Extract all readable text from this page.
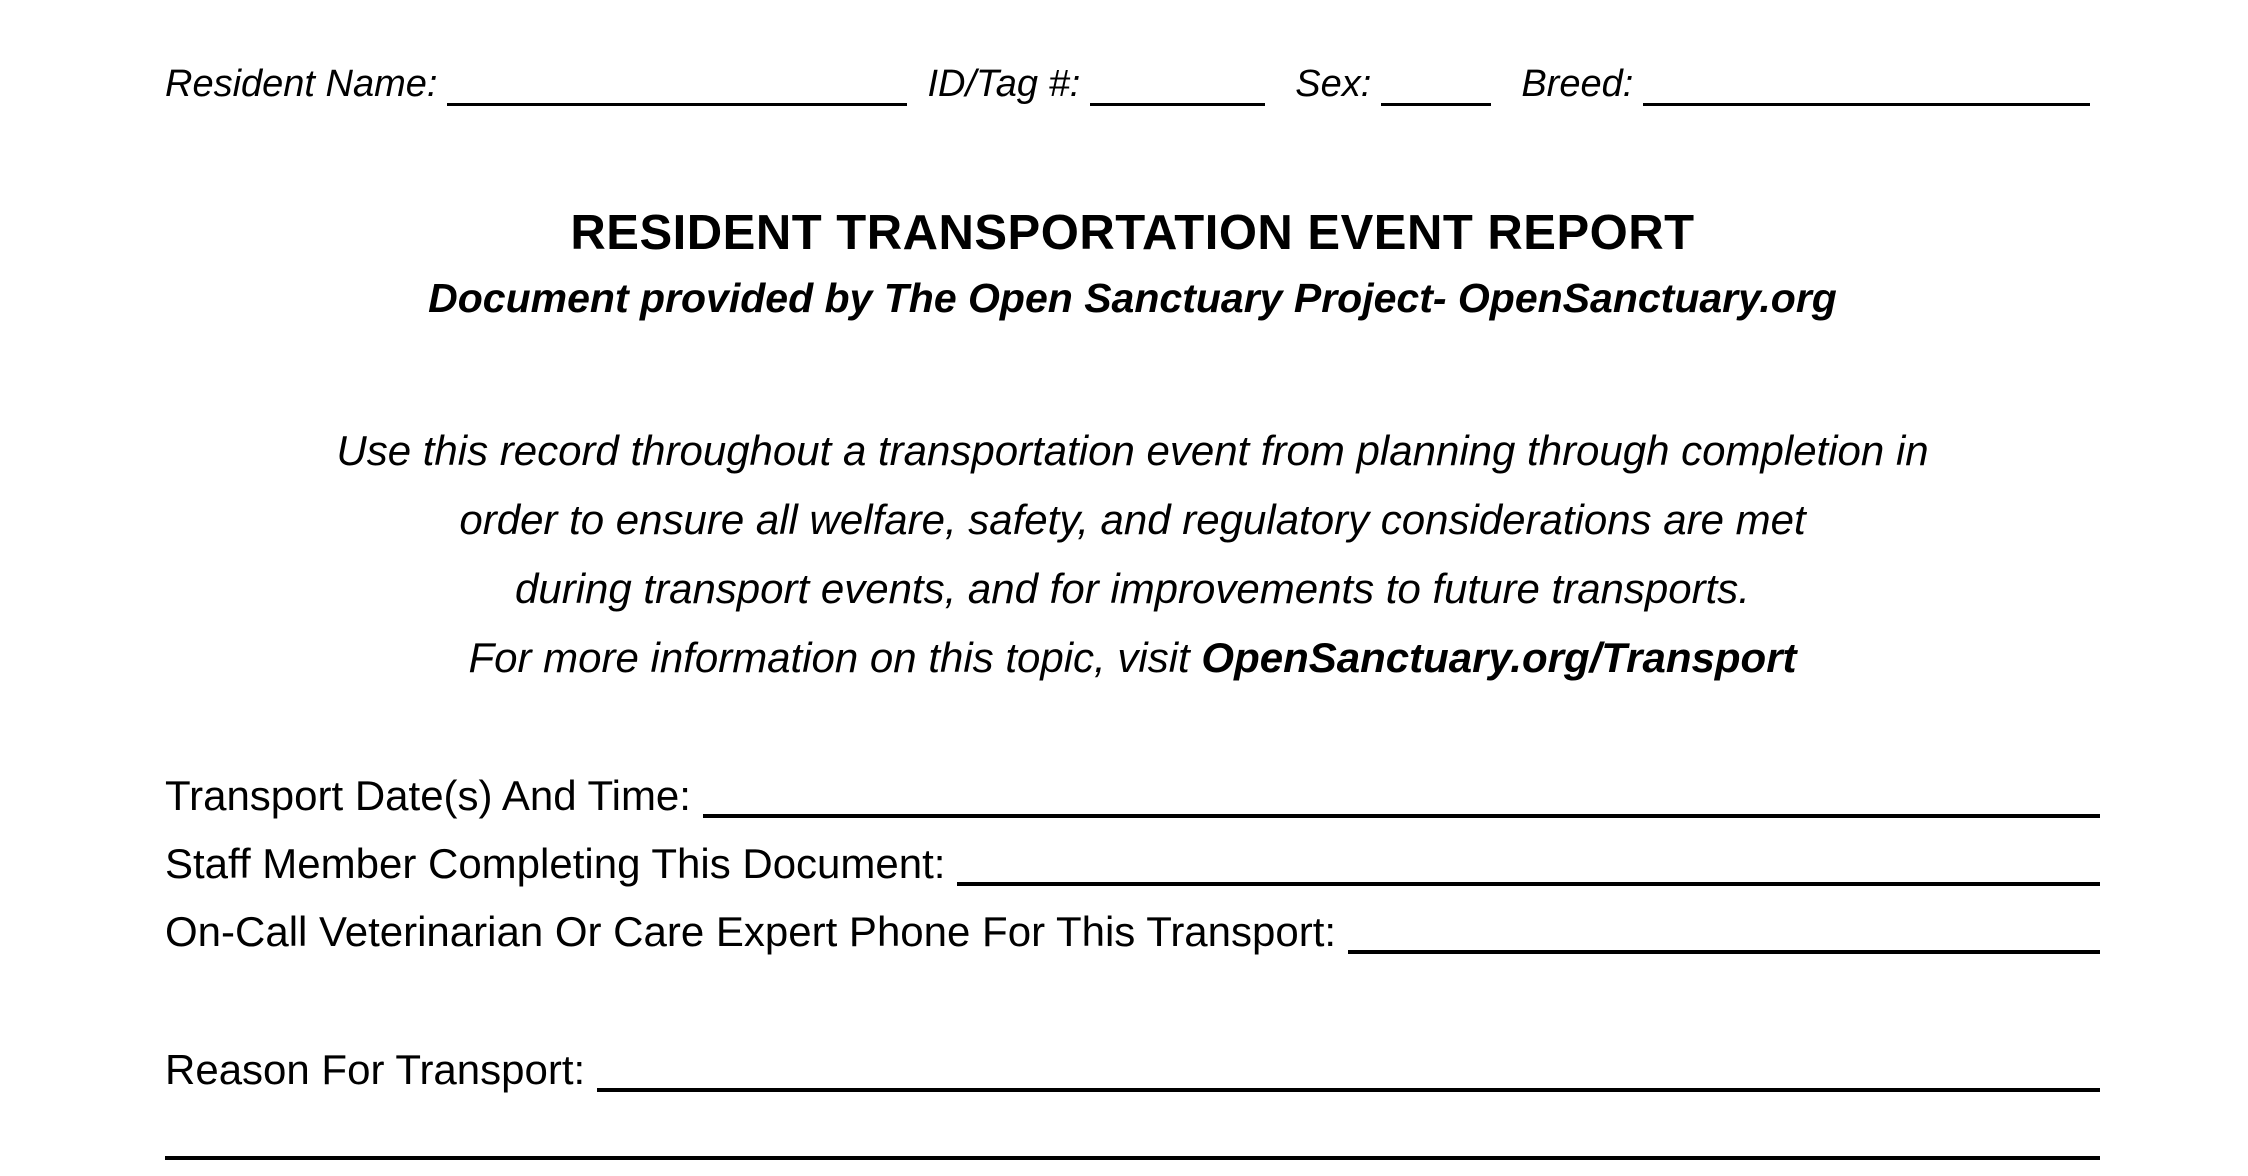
Resident Name:	ID/Tag #:	Sex:	Breed:
RESIDENT TRANSPORTATION EVENT REPORT
Document provided by The Open Sanctuary Project- OpenSanctuary.org
Use this record throughout a transportation event from planning through completion in
order to ensure all welfare, safety, and regulatory considerations are met
during transport events, and for improvements to future transports.
For more information on this topic, visit OpenSanctuary.org/Transport
Transport Date(s) And Time:
Staff Member Completing This Document:
On-Call Veterinarian Or Care Expert Phone For This Transport:
Reason For Transport:
